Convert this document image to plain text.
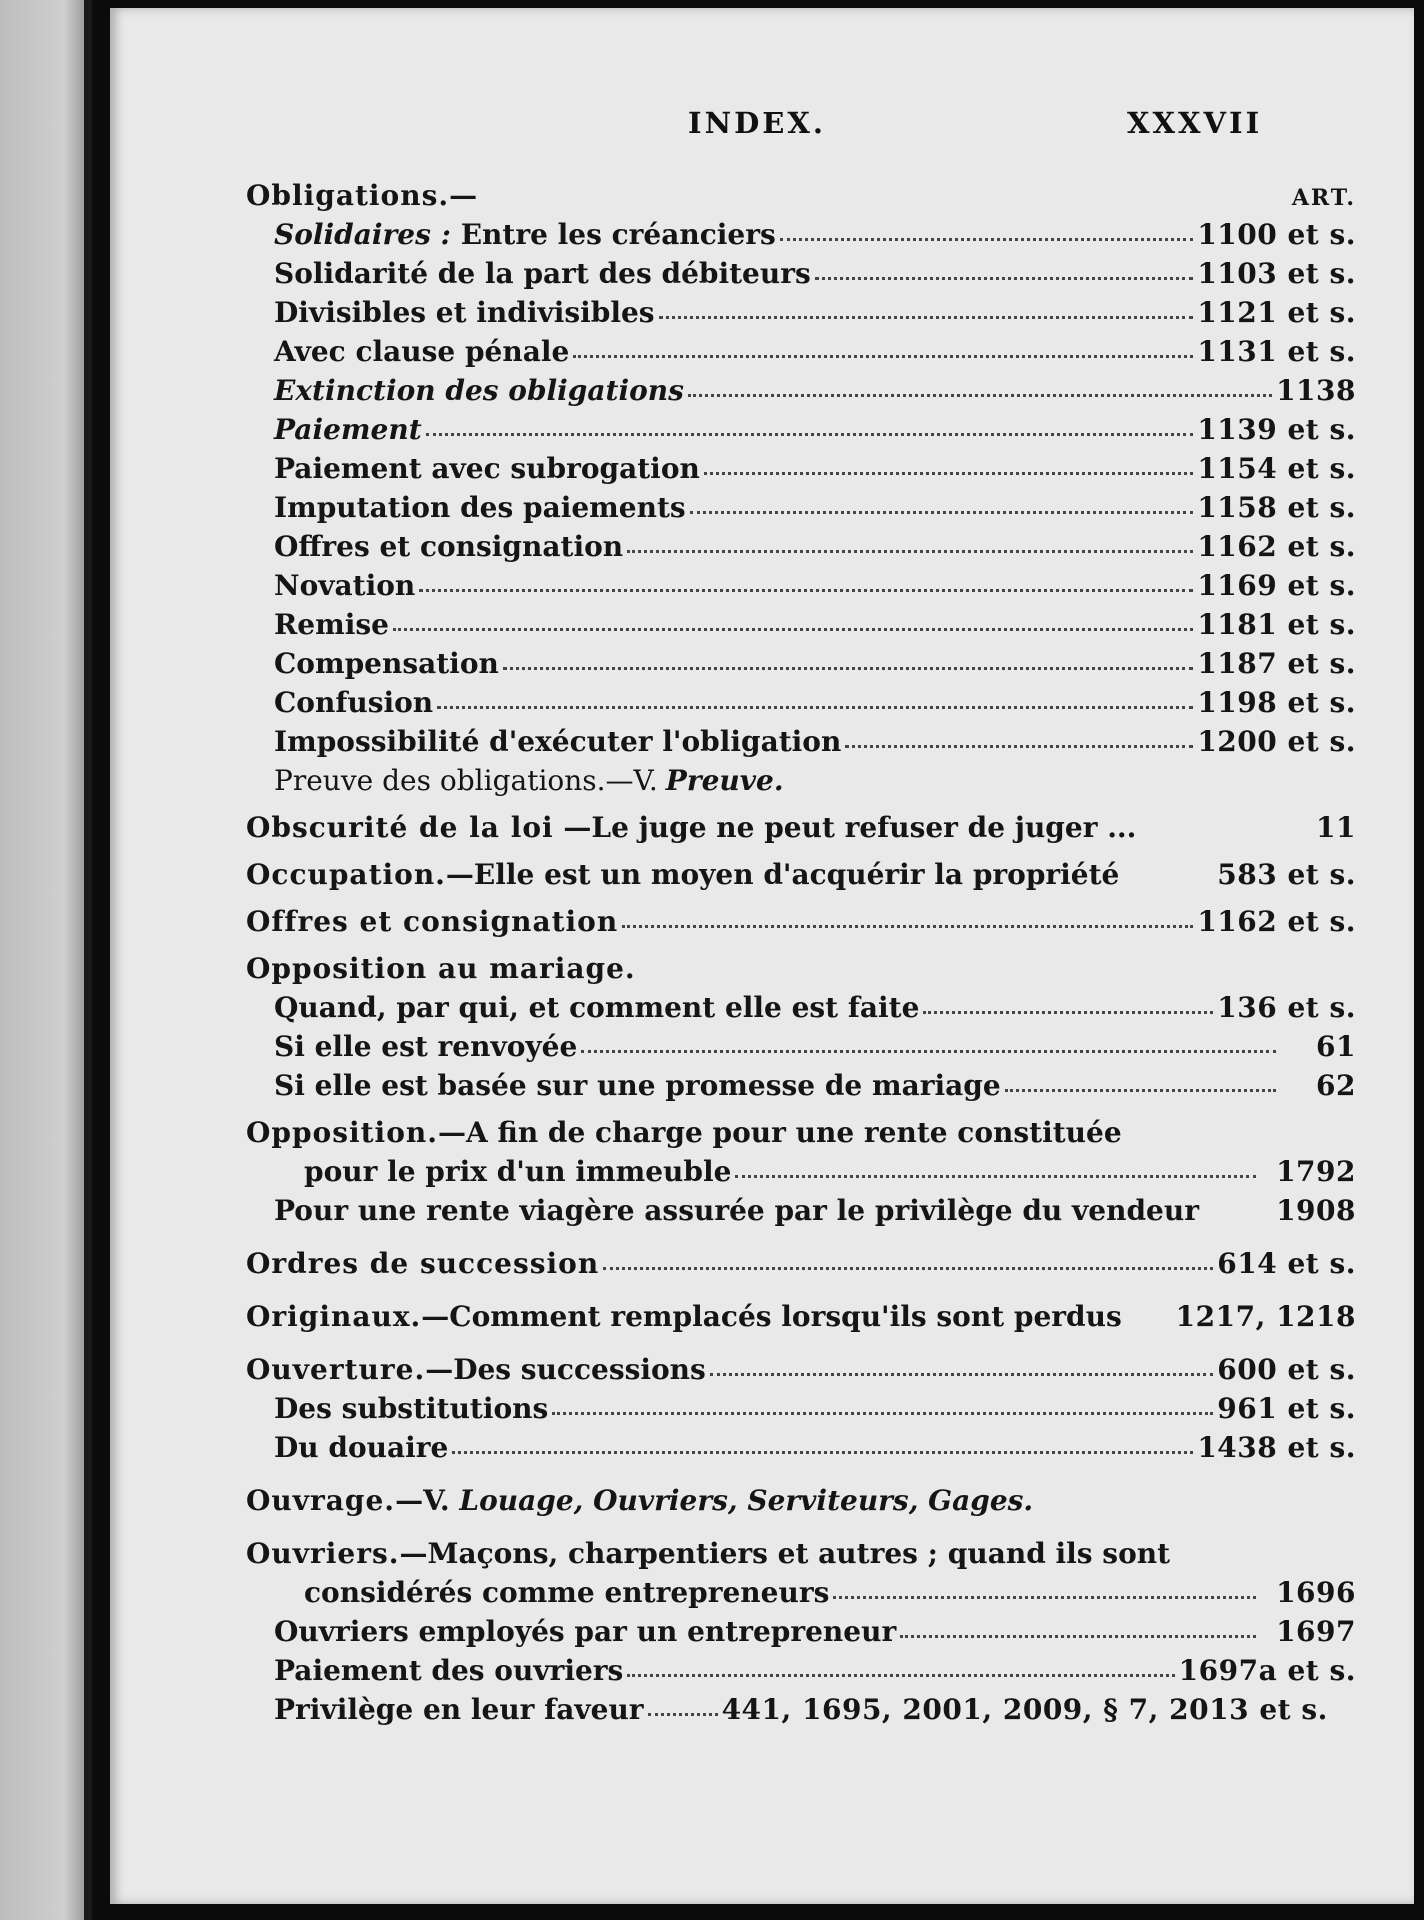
INDEX.	XXXVII
Obligations.—	ART.
Solidaires : Entre les créanciers	1100 et s.
Solidarité de la part des débiteurs	1103 et s.
Divisibles et indivisibles	1121 et s.
Avec clause pénale	1131 et s.
Extinction des obligations	1138
Paiement	1139 et s.
Paiement avec subrogation	1154 et s.
Imputation des paiements	1158 et s.
Offres et consignation	1162 et s.
Novation	1169 et s.
Remise	1181 et s.
Compensation	1187 et s.
Confusion	1198 et s.
Impossibilité d'exécuter l'obligation	1200 et s.
Preuve des obligations.—V. Preuve.
Obscurité de la loi —Le juge ne peut refuser de juger ...	11
Occupation. —Elle est un moyen d'acquérir la propriété	583 et s.
Offres et consignation	1162 et s.
Opposition au mariage.
Quand, par qui, et comment elle est faite	136 et s.
Si elle est renvoyée	61
Si elle est basée sur une promesse de mariage	62
Opposition. —A fin de charge pour une rente constituée
pour le prix d'un immeuble	1792
Pour une rente viagère assurée par le privilège du vendeur	1908
Ordres de succession	614 et s.
Originaux. —Comment remplacés lorsqu'ils sont perdus 1217, 1218
Ouverture. —Des successions	600 et s.
Des substitutions	961 et s.
Du douaire	1438 et s.
Ouvrage. —V. Louage, Ouvriers, Serviteurs, Gages.
Ouvriers. —Maçons, charpentiers et autres ; quand ils sont
considérés comme entrepreneurs	1696
Ouvriers employés par un entrepreneur	1697
Paiement des ouvriers	1697a et s.
Privilège en leur faveur	441, 1695, 2001, 2009, § 7, 2013 et s.
